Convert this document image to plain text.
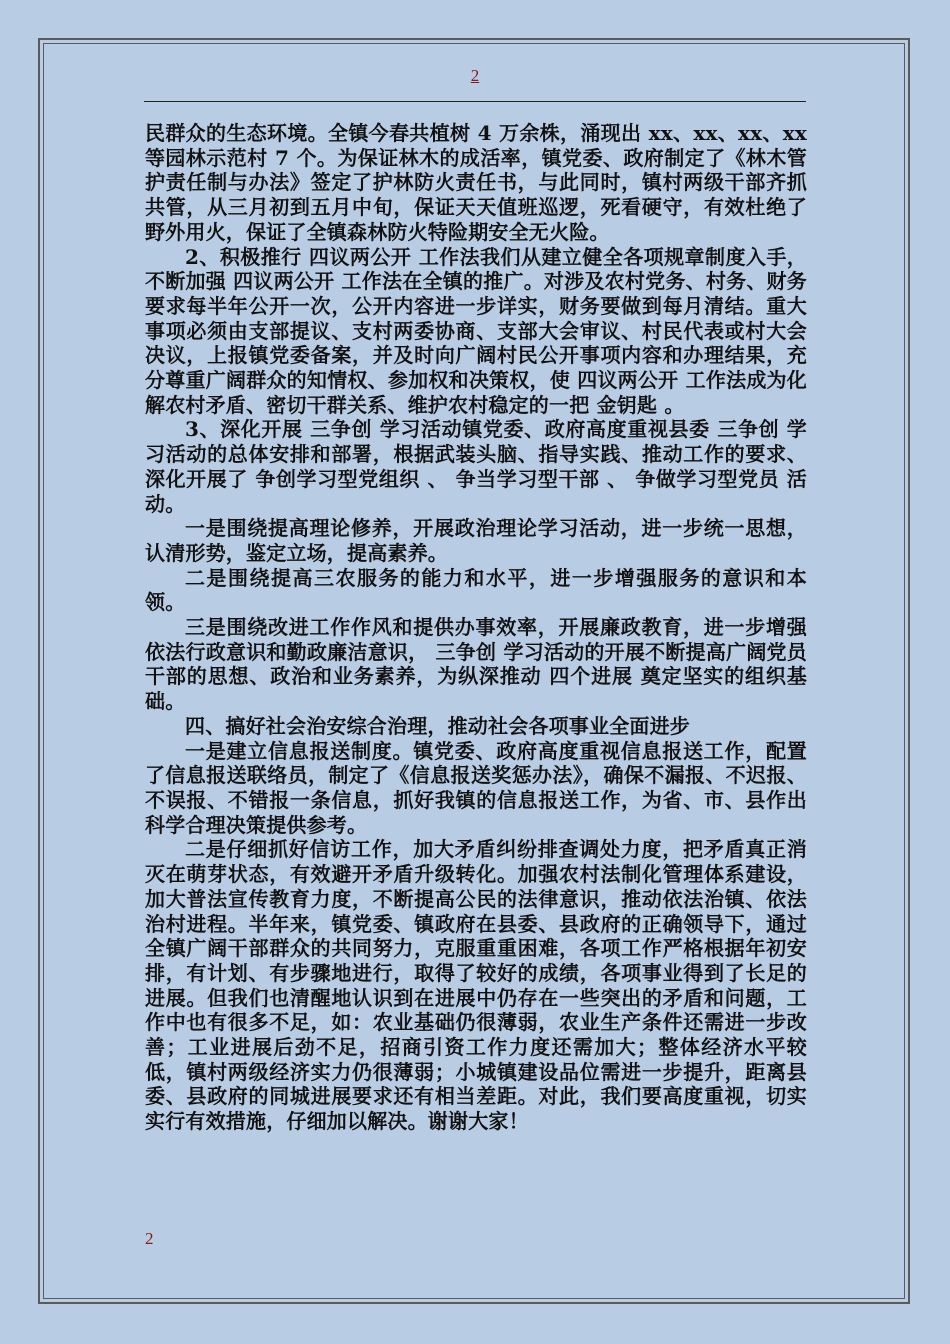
2

民群众的生态环境。全镇今春共植树 4 万余株，涌现出 xx、xx、xx、xx 等园林示范村 7 个。为保证林木的成活率，镇党委、政府制定了《林木管护责任制与办法》签定了护林防火责任书，与此同时，镇村两级干部齐抓共管，从三月初到五月中旬，保证天天值班巡逻，死看硬守，有效杜绝了野外用火，保证了全镇森林防火特险期安全无火险。

2、积极推行 四议两公开 工作法我们从建立健全各项规章制度入手，不断加强 四议两公开 工作法在全镇的推广。对涉及农村党务、村务、财务要求每半年公开一次，公开内容进一步详实，财务要做到每月清结。重大事项必须由支部提议、支村两委协商、支部大会审议、村民代表或村大会决议，上报镇党委备案，并及时向广阔村民公开事项内容和办理结果，充分尊重广阔群众的知情权、参加权和决策权，使 四议两公开 工作法成为化解农村矛盾、密切干群关系、维护农村稳定的一把 金钥匙 。

3、深化开展 三争创 学习活动镇党委、政府高度重视县委 三争创 学习活动的总体安排和部署，根据武装头脑、指导实践、推动工作的要求、深化开展了 争创学习型党组织 、 争当学习型干部 、 争做学习型党员 活动。

一是围绕提高理论修养，开展政治理论学习活动，进一步统一思想，认清形势，鉴定立场，提高素养。

二是围绕提高三农服务的能力和水平，进一步增强服务的意识和本领。

三是围绕改进工作作风和提供办事效率，开展廉政教育，进一步增强依法行政意识和勤政廉洁意识， 三争创 学习活动的开展不断提高广阔党员干部的思想、政治和业务素养，为纵深推动 四个进展 奠定坚实的组织基础。

四、搞好社会治安综合治理，推动社会各项事业全面进步

一是建立信息报送制度。镇党委、政府高度重视信息报送工作，配置了信息报送联络员，制定了《信息报送奖惩办法》，确保不漏报、不迟报、不误报、不错报一条信息，抓好我镇的信息报送工作，为省、市、县作出科学合理决策提供参考。

二是仔细抓好信访工作，加大矛盾纠纷排查调处力度，把矛盾真正消灭在萌芽状态，有效避开矛盾升级转化。加强农村法制化管理体系建设，加大普法宣传教育力度，不断提高公民的法律意识，推动依法治镇、依法治村进程。半年来，镇党委、镇政府在县委、县政府的正确领导下，通过全镇广阔干部群众的共同努力，克服重重困难，各项工作严格根据年初安排，有计划、有步骤地进行，取得了较好的成绩，各项事业得到了长足的进展。但我们也清醒地认识到在进展中仍存在一些突出的矛盾和问题，工作中也有很多不足，如：农业基础仍很薄弱，农业生产条件还需进一步改善；工业进展后劲不足，招商引资工作力度还需加大；整体经济水平较低，镇村两级经济实力仍很薄弱；小城镇建设品位需进一步提升，距离县委、县政府的同城进展要求还有相当差距。对此，我们要高度重视，切实实行有效措施，仔细加以解决。谢谢大家！

2
